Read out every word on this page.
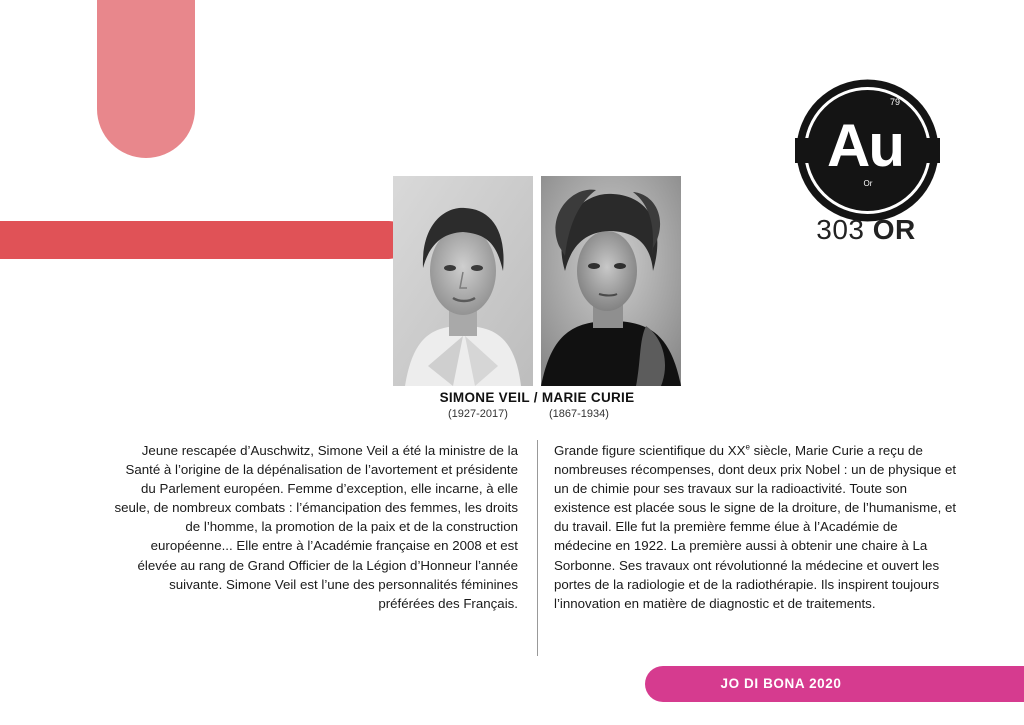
Au
79
Or
303 OR
SIMONE VEIL / MARIE CURIE
(1927-2017)	(1867-1934)
Jeune rescapée d’Auschwitz, Simone Veil a été la ministre de la Santé à l’origine de la dépénalisation de l’avortement et présidente du Parlement européen. Femme d’exception, elle incarne, à elle seule, de nombreux combats : l’émancipation des femmes, les droits de l’homme, la promotion de la paix et de la construction européenne... Elle entre à l’Académie française en 2008 et est élevée au rang de Grand Officier de la Légion d’Honneur l’année suivante. Simone Veil est l’une des personnalités féminines préférées des Français.
Grande figure scientifique du XXe siècle, Marie Curie a reçu de nombreuses récompenses, dont deux prix Nobel : un de physique et un de chimie pour ses travaux sur la radioactivité. Toute son existence est placée sous le signe de la droiture, de l’humanisme, et du travail. Elle fut la première femme élue à l’Académie de médecine en 1922. La première aussi à obtenir une chaire à La Sorbonne. Ses travaux ont révolutionné la médecine et ouvert les portes de la radiologie et de la radiothérapie. Ils inspirent toujours l’innovation en matière de diagnostic et de traitements.
JO DI BONA 2020
